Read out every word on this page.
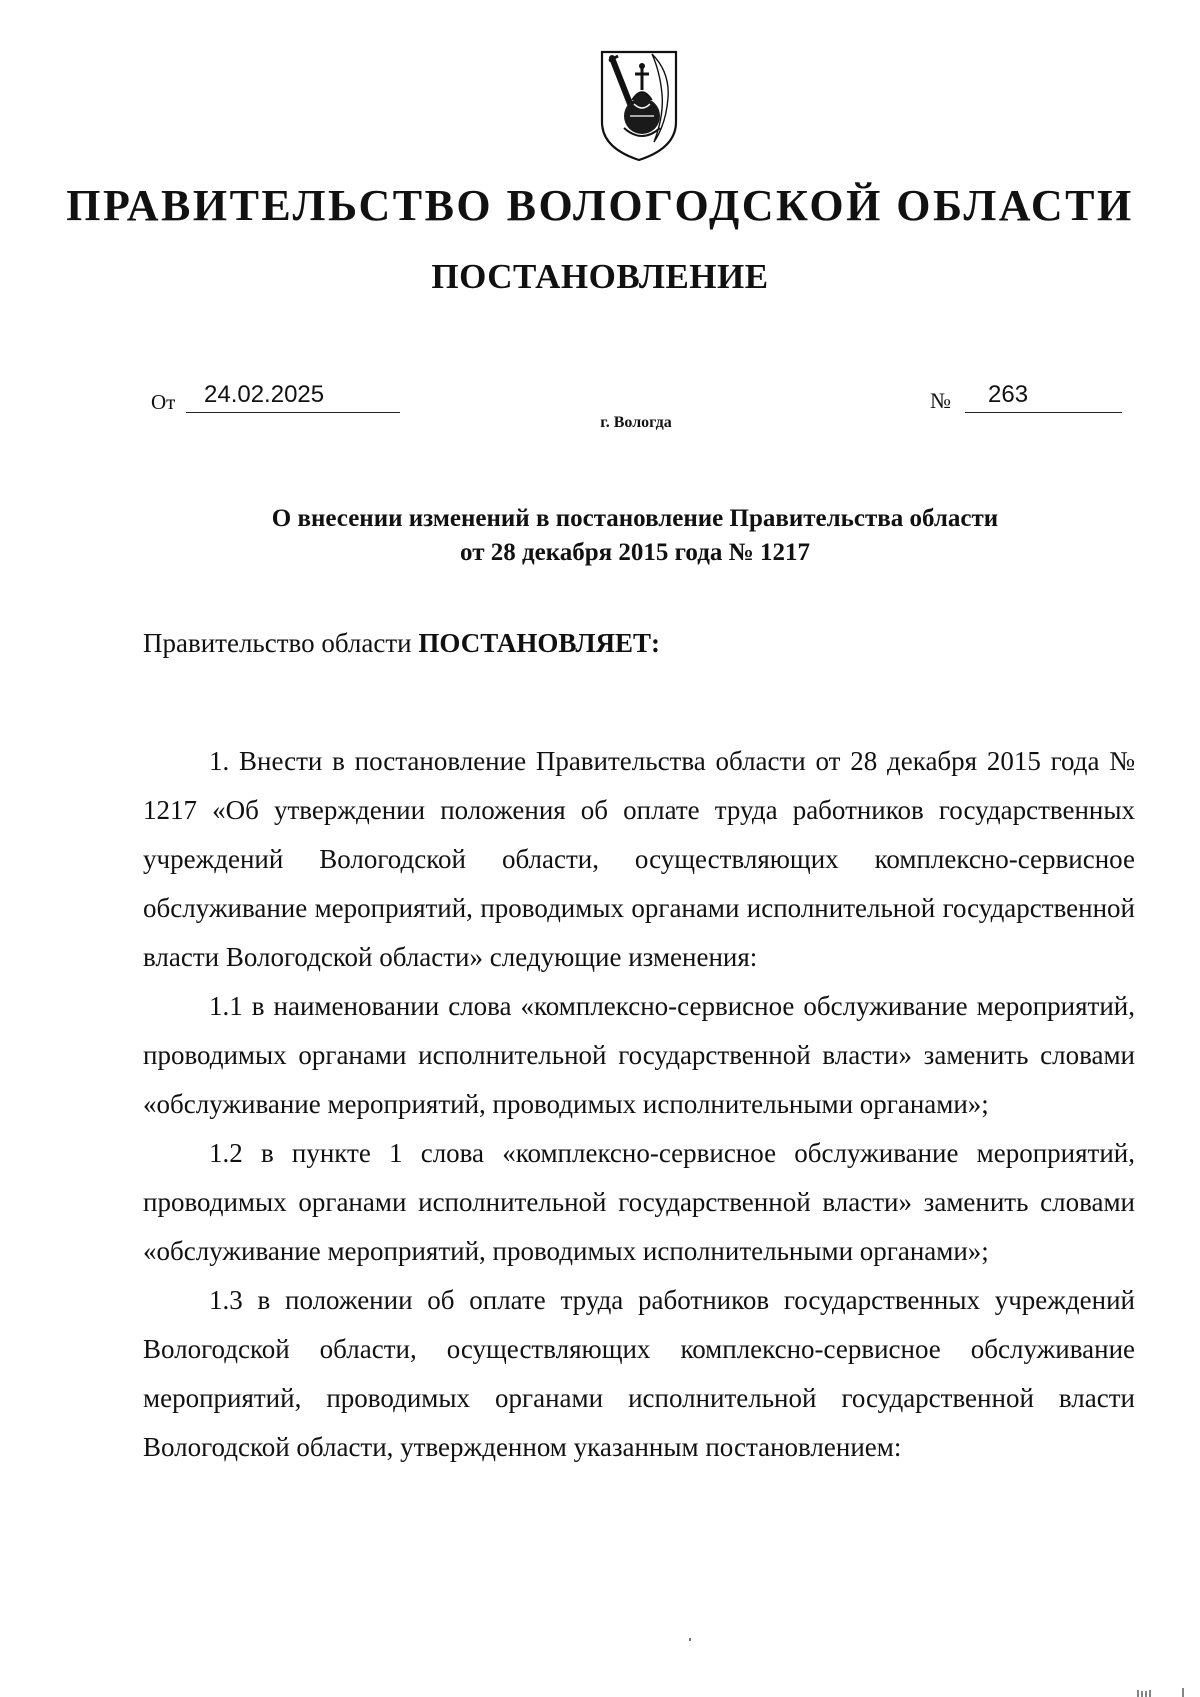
ПРАВИТЕЛЬСТВО ВОЛОГОДСКОЙ ОБЛАСТИ
ПОСТАНОВЛЕНИЕ
От	24.02.2025	№	263
г. Вологда
О внесении изменений в постановление Правительства области
от 28 декабря 2015 года № 1217
Правительство области ПОСТАНОВЛЯЕТ:

1. Внести в постановление Правительства области от 28 декабря 2015 года № 1217 «Об утверждении положения об оплате труда работников государственных учреждений Вологодской области, осуществляющих комплексно-сервисное обслуживание мероприятий, проводимых органами исполнительной государственной власти Вологодской области» следующие изменения:

1.1 в наименовании слова «комплексно-сервисное обслуживание мероприятий, проводимых органами исполнительной государственной власти» заменить словами «обслуживание мероприятий, проводимых исполнительными органами»;

1.2 в пункте 1 слова «комплексно-сервисное обслуживание мероприятий, проводимых органами исполнительной государственной власти» заменить словами «обслуживание мероприятий, проводимых исполнительными органами»;

1.3 в положении об оплате труда работников государственных учреждений Вологодской области, осуществляющих комплексно-сервисное обслуживание мероприятий, проводимых органами исполнительной государственной власти Вологодской области, утвержденном указанным постановлением:
